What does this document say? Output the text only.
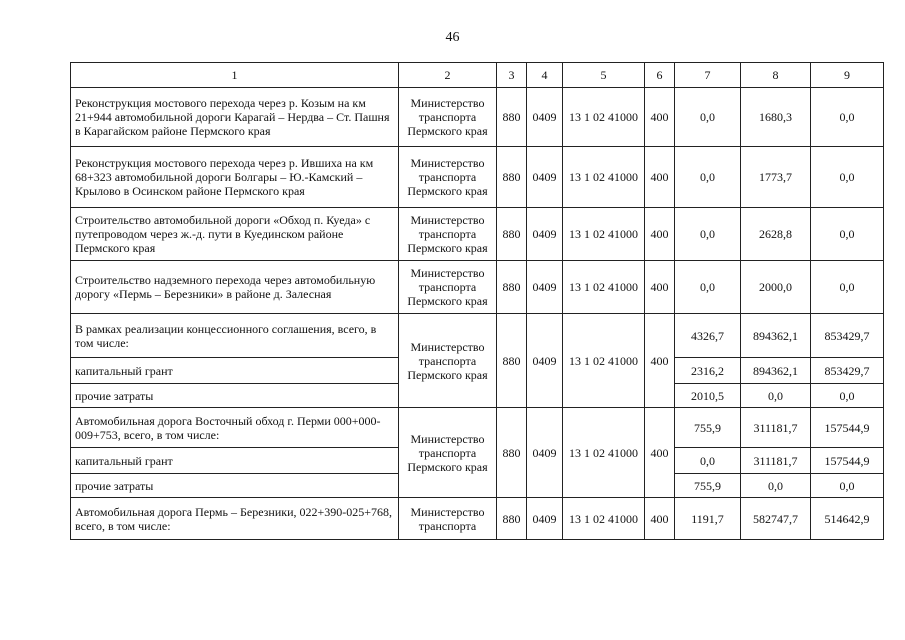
46
1	2	3	4	5	6	7	8	9
Реконструкция мостового перехода через р. Козым на км 21+944 автомобильной дороги Карагай – Нердва – Ст. Пашня в Карагайском районе Пермского края	Министерство транспорта Пермского края	880	0409	13 1 02 41000	400	0,0	1680,3	0,0
Реконструкция мостового перехода через р. Ившиха на км 68+323 автомобильной дороги Болгары – Ю.-Камский – Крылово в Осинском районе Пермского края	Министерство транспорта Пермского края	880	0409	13 1 02 41000	400	0,0	1773,7	0,0
Строительство автомобильной дороги «Обход п. Куеда» с путепроводом через ж.-д. пути в Куединском районе Пермского края	Министерство транспорта Пермского края	880	0409	13 1 02 41000	400	0,0	2628,8	0,0
Строительство надземного перехода через автомобильную дорогу «Пермь – Березники» в районе д. Залесная	Министерство транспорта Пермского края	880	0409	13 1 02 41000	400	0,0	2000,0	0,0
В рамках реализации концессионного соглашения, всего, в том числе:	Министерство транспорта Пермского края	880	0409	13 1 02 41000	400	4326,7	894362,1	853429,7
капитальный грант						2316,2	894362,1	853429,7
прочие затраты						2010,5	0,0	0,0
Автомобильная дорога Восточный обход г. Перми 000+000-009+753, всего, в том числе:	Министерство транспорта Пермского края	880	0409	13 1 02 41000	400	755,9	311181,7	157544,9
капитальный грант						0,0	311181,7	157544,9
прочие затраты						755,9	0,0	0,0
Автомобильная дорога Пермь – Березники, 022+390-025+768, всего, в том числе:	Министерство транспорта	880	0409	13 1 02 41000	400	1191,7	582747,7	514642,9
